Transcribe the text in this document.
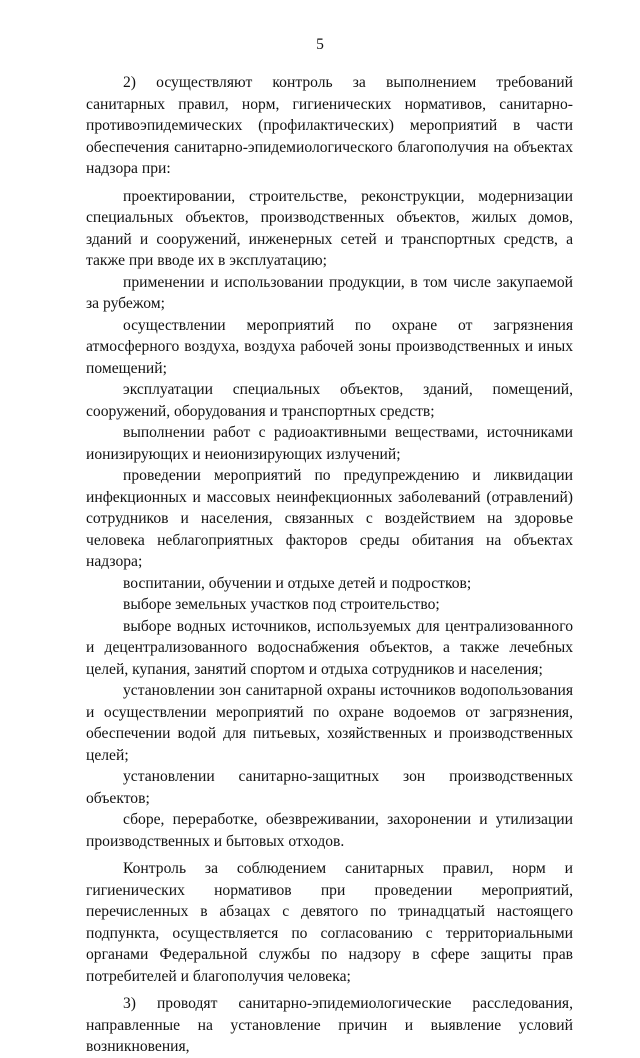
5

2) осуществляют контроль за выполнением требований санитарных правил, норм, гигиенических нормативов, санитарно-противоэпидемических (профилактических) мероприятий в части обеспечения санитарно-эпидемиологического благополучия на объектах надзора при:

проектировании, строительстве, реконструкции, модернизации специальных объектов, производственных объектов, жилых домов, зданий и сооружений, инженерных сетей и транспортных средств, а также при вводе их в эксплуатацию;

применении и использовании продукции, в том числе закупаемой за рубежом;

осуществлении мероприятий по охране от загрязнения атмосферного воздуха, воздуха рабочей зоны производственных и иных помещений;

эксплуатации специальных объектов, зданий, помещений, сооружений, оборудования и транспортных средств;

выполнении работ с радиоактивными веществами, источниками ионизирующих и неионизирующих излучений;

проведении мероприятий по предупреждению и ликвидации инфекционных и массовых неинфекционных заболеваний (отравлений) сотрудников и населения, связанных с воздействием на здоровье человека неблагоприятных факторов среды обитания на объектах надзора;

воспитании, обучении и отдыхе детей и подростков;

выборе земельных участков под строительство;

выборе водных источников, используемых для централизованного и децентрализованного водоснабжения объектов, а также лечебных целей, купания, занятий спортом и отдыха сотрудников и населения;

установлении зон санитарной охраны источников водопользования и осуществлении мероприятий по охране водоемов от загрязнения, обеспечении водой для питьевых, хозяйственных и производственных целей;

установлении санитарно-защитных зон производственных объектов;

сборе, переработке, обезвреживании, захоронении и утилизации производственных и бытовых отходов.

Контроль за соблюдением санитарных правил, норм и гигиенических нормативов при проведении мероприятий, перечисленных в абзацах с девятого по тринадцатый настоящего подпункта, осуществляется по согласованию с территориальными органами Федеральной службы по надзору в сфере защиты прав потребителей и благополучия человека;

3) проводят санитарно-эпидемиологические расследования, направленные на установление причин и выявление условий возникновения,
